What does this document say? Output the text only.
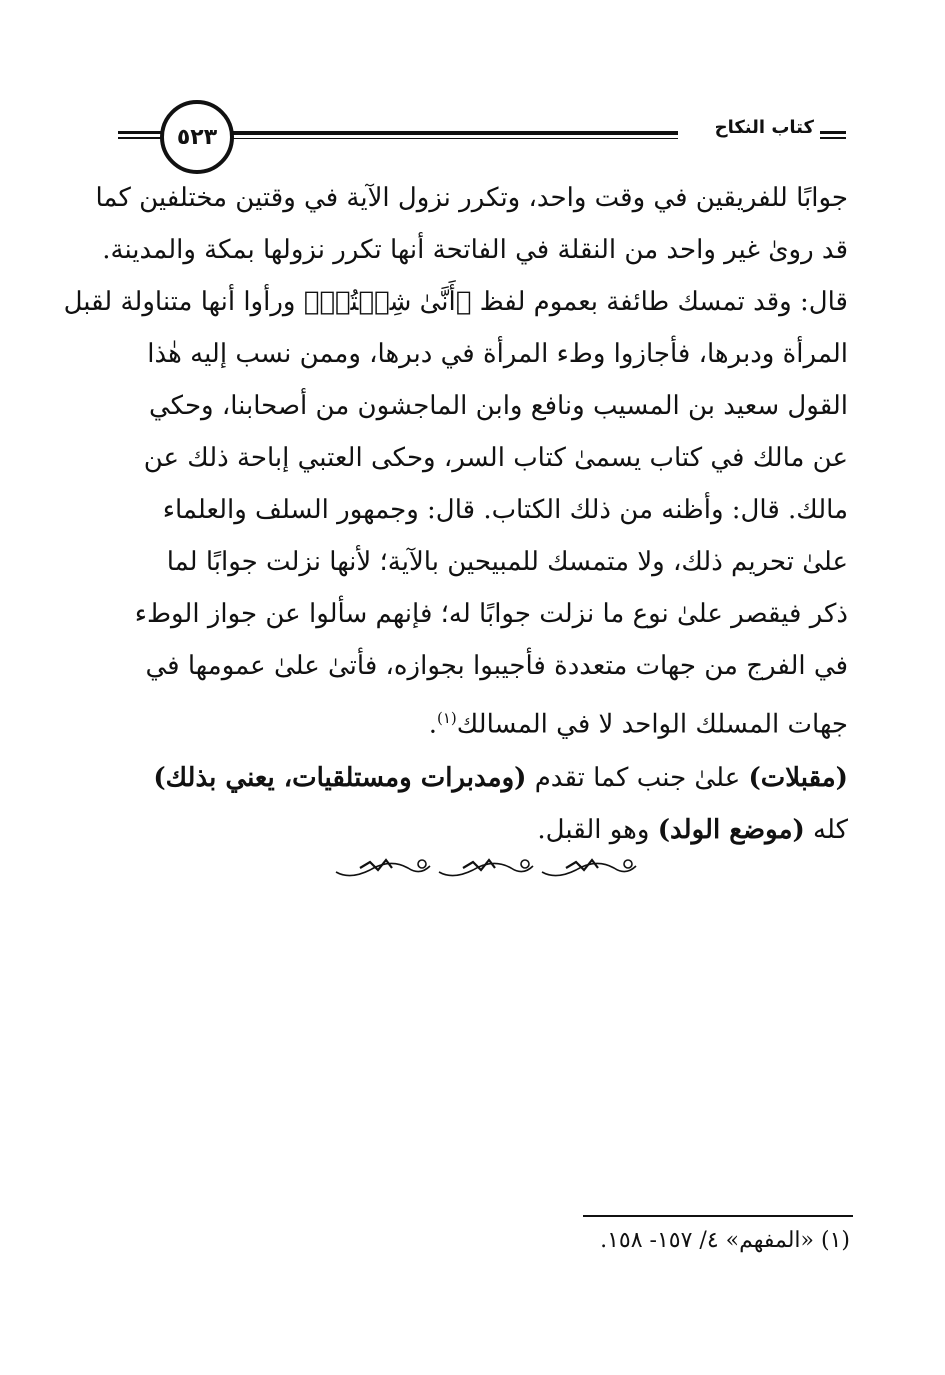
٥٢٣	كتاب النكاح
جوابًا للفريقين في وقت واحد، وتكرر نزول الآية في وقتين مختلفين كما
قد رویٰ غير واحد من النقلة في الفاتحة أنها تكرر نزولها بمكة والمدينة.
قال: وقد تمسك طائفة بعموم لفظ ﴿أَنَّىٰ شِئۡتُمۡ﴾ ورأوا أنها متناولة لقبل
المرأة ودبرها، فأجازوا وطء المرأة في دبرها، وممن نسب إليه هٰذا
القول سعيد بن المسيب ونافع وابن الماجشون من أصحابنا، وحكي
عن مالك في كتاب يسمىٰ كتاب السر، وحكى العتبي إباحة ذلك عن
مالك. قال: وأظنه من ذلك الكتاب. قال: وجمهور السلف والعلماء
علىٰ تحريم ذلك، ولا متمسك للمبيحين بالآية؛ لأنها نزلت جوابًا لما
ذكر فيقصر علىٰ نوع ما نزلت جوابًا له؛ فإنهم سألوا عن جواز الوطء
في الفرج من جهات متعددة فأجيبوا بجوازه، فأتىٰ علىٰ عمومها في
جهات المسلك الواحد لا في المسالك$^{(١)}$.
(مقبلات) علىٰ جنب كما تقدم (ومدبرات ومستلقيات، يعني بذلك)
كله (موضع الولد) وهو القبل.
(١) «المفهم» ٤/ ١٥٧- ١٥٨.
